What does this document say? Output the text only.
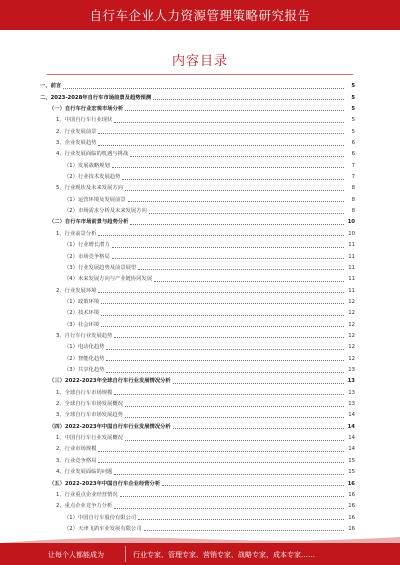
自行车企业人力资源管理策略研究报告
内容目录
一、前言	5
二、2023-2028年自行车市场前景及趋势预测	5
（一）自行车行业宏观市场分析	5
1、中国自行车行业现状	5
2、行业发展前景	5
3、企业发展趋势	6
4、行业发展面临的机遇与挑战	6
（1）发展战略规划	7
（2）行业技术发展趋势	7
5、行业现状及未来发展方向	8
（1）运营环境及发展前景	8
（2）市场需求分析及未来发展方向	8
（二）自行车市场前景与趋势分析	10
1、行业前景分析	10
（1）行业增长潜力	11
（2）市场竞争格局	11
（3）行业发展趋势及前景展望	11
（4）未来发展方向与产业链协同发展	11
2、行业发展环境	11
（1）政策环境	12
（2）技术环境	12
（3）社会环境	12
3、自行车行业发展趋势	12
（1）电动化趋势	12
（2）智能化趋势	12
（3）共享化趋势	13
（三）2022-2023年全球自行车行业发展情况分析	13
1、全球自行车市场规模	13
2、全球自行车市场发展概况	13
3、全球自行车市场发展趋势	14
（四）2022-2023年中国自行车行业发展情况分析	14
1、中国自行车行业发展概况	14
2、行业市场规模	14
3、行业竞争格局	15
4、行业发展面临的问题	15
（五）2022-2023年中国自行车企业经营分析	16
1、行业重点企业经营情况	16
2、重点企业竞争力分析	16
（1）中国自行车股份有限公司	16
（2）天津飞鸽车业发展有限公司	16
让每个人都能成为	行业专家、管理专家、营销专家、战略专家、成本专家……
